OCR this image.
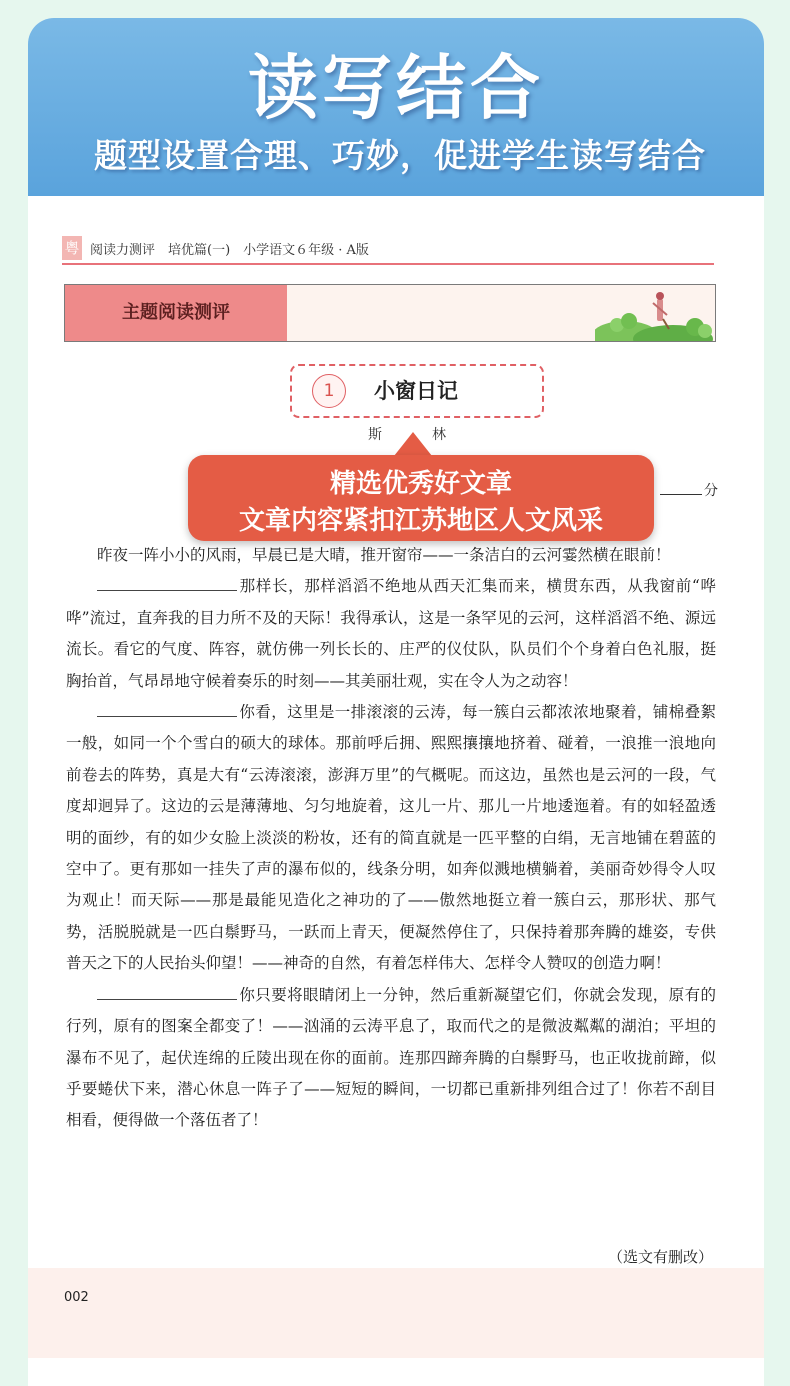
读写结合
题型设置合理、巧妙，促进学生读写结合
粤 阅读力测评　培优篇(一)　小学语文６年级 · A版
主题阅读测评
1	小窗日记
斯　林
分

昨夜一阵小小的风雨，早晨已是大晴，推开窗帘——一条洁白的云河霎然横在眼前！

那样长，那样滔滔不绝地从西天汇集而来，横贯东西，从我窗前“哗哗”流过，直奔我的目力所不及的天际！我得承认，这是一条罕见的云河，这样滔滔不绝、源远流长。看它的气度、阵容，就仿佛一列长长的、庄严的仪仗队，队员们个个身着白色礼服，挺胸抬首，气昂昂地守候着奏乐的时刻——其美丽壮观，实在令人为之动容！

你看，这里是一排滚滚的云涛，每一簇白云都浓浓地聚着，铺棉叠絮一般，如同一个个雪白的硕大的球体。那前呼后拥、熙熙攘攘地挤着、碰着，一浪推一浪地向前卷去的阵势，真是大有“云涛滚滚，澎湃万里”的气概呢。而这边，虽然也是云河的一段，气度却迥异了。这边的云是薄薄地、匀匀地旋着，这儿一片、那儿一片地逶迤着。有的如轻盈透明的面纱，有的如少女脸上淡淡的粉妆，还有的简直就是一匹平整的白绢，无言地铺在碧蓝的空中了。更有那如一挂失了声的瀑布似的，线条分明，如奔似溅地横躺着，美丽奇妙得令人叹为观止！而天际——那是最能见造化之神功的了——傲然地挺立着一簇白云，那形状、那气势，活脱脱就是一匹白鬃野马，一跃而上青天，便凝然停住了，只保持着那奔腾的雄姿，专供普天之下的人民抬头仰望！——神奇的自然，有着怎样伟大、怎样令人赞叹的创造力啊！

你只要将眼睛闭上一分钟，然后重新凝望它们，你就会发现，原有的行列，原有的图案全都变了！——汹涌的云涛平息了，取而代之的是微波粼粼的湖泊；平坦的瀑布不见了，起伏连绵的丘陵出现在你的面前。连那四蹄奔腾的白鬃野马，也正收拢前蹄，似乎要蜷伏下来，潜心休息一阵子了——短短的瞬间，一切都已重新排列组合过了！你若不刮目相看，便得做一个落伍者了！

（选文有删改）
精选优秀好文章
文章内容紧扣江苏地区人文风采
002
